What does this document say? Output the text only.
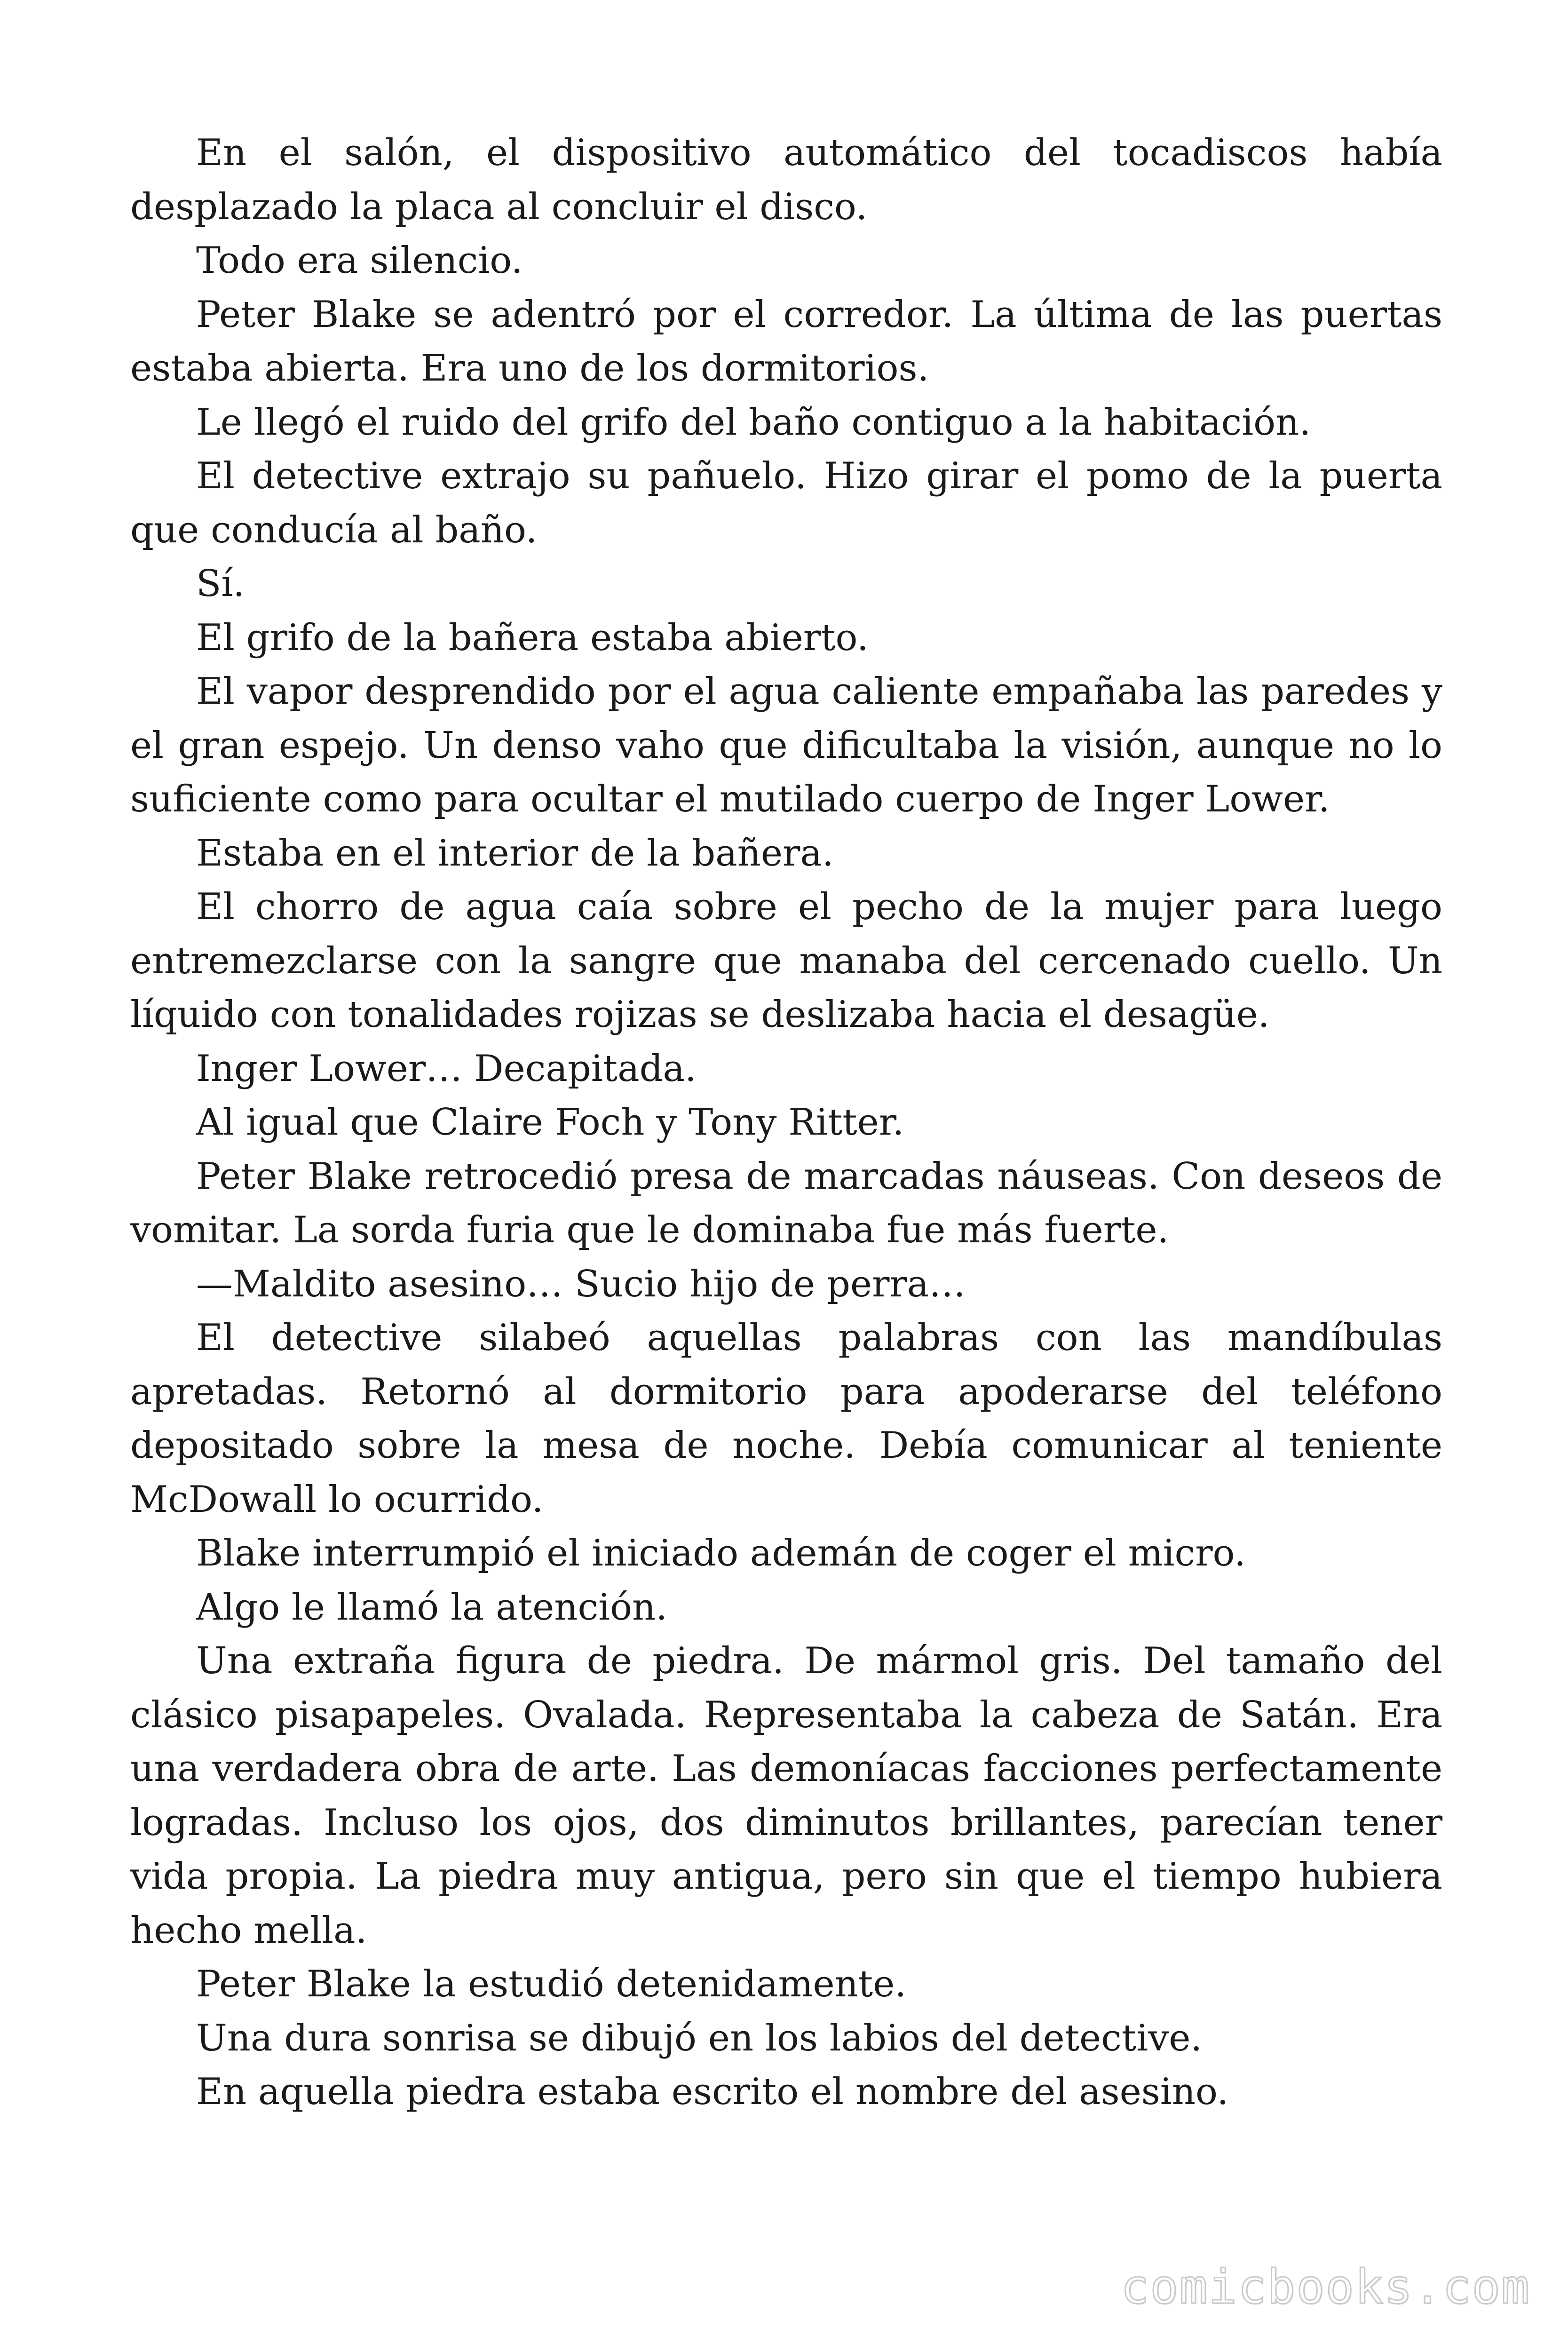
En el salón, el dispositivo automático del tocadiscos había desplazado la placa al concluir el disco.

Todo era silencio.

Peter Blake se adentró por el corredor. La última de las puertas estaba abierta. Era uno de los dormitorios.

Le llegó el ruido del grifo del baño contiguo a la habitación.

El detective extrajo su pañuelo. Hizo girar el pomo de la puerta que conducía al baño.

Sí.

El grifo de la bañera estaba abierto.

El vapor desprendido por el agua caliente empañaba las paredes y el gran espejo. Un denso vaho que dificultaba la visión, aunque no lo suficiente como para ocultar el mutilado cuerpo de Inger Lower.

Estaba en el interior de la bañera.

El chorro de agua caía sobre el pecho de la mujer para luego entremezclarse con la sangre que manaba del cercenado cuello. Un líquido con tonalidades rojizas se deslizaba hacia el desagüe.

Inger Lower… Decapitada.

Al igual que Claire Foch y Tony Ritter.

Peter Blake retrocedió presa de marcadas náuseas. Con deseos de vomitar. La sorda furia que le dominaba fue más fuerte.

—Maldito asesino… Sucio hijo de perra…

El detective silabeó aquellas palabras con las mandíbulas apretadas. Retornó al dormitorio para apoderarse del teléfono depositado sobre la mesa de noche. Debía comunicar al teniente McDowall lo ocurrido.

Blake interrumpió el iniciado ademán de coger el micro.

Algo le llamó la atención.

Una extraña figura de piedra. De mármol gris. Del tamaño del clásico pisapapeles. Ovalada. Representaba la cabeza de Satán. Era una verdadera obra de arte. Las demoníacas facciones perfectamente logradas. Incluso los ojos, dos diminutos brillantes, parecían tener vida propia. La piedra muy antigua, pero sin que el tiempo hubiera hecho mella.

Peter Blake la estudió detenidamente.

Una dura sonrisa se dibujó en los labios del detective.

En aquella piedra estaba escrito el nombre del asesino.

comicbooks.com
